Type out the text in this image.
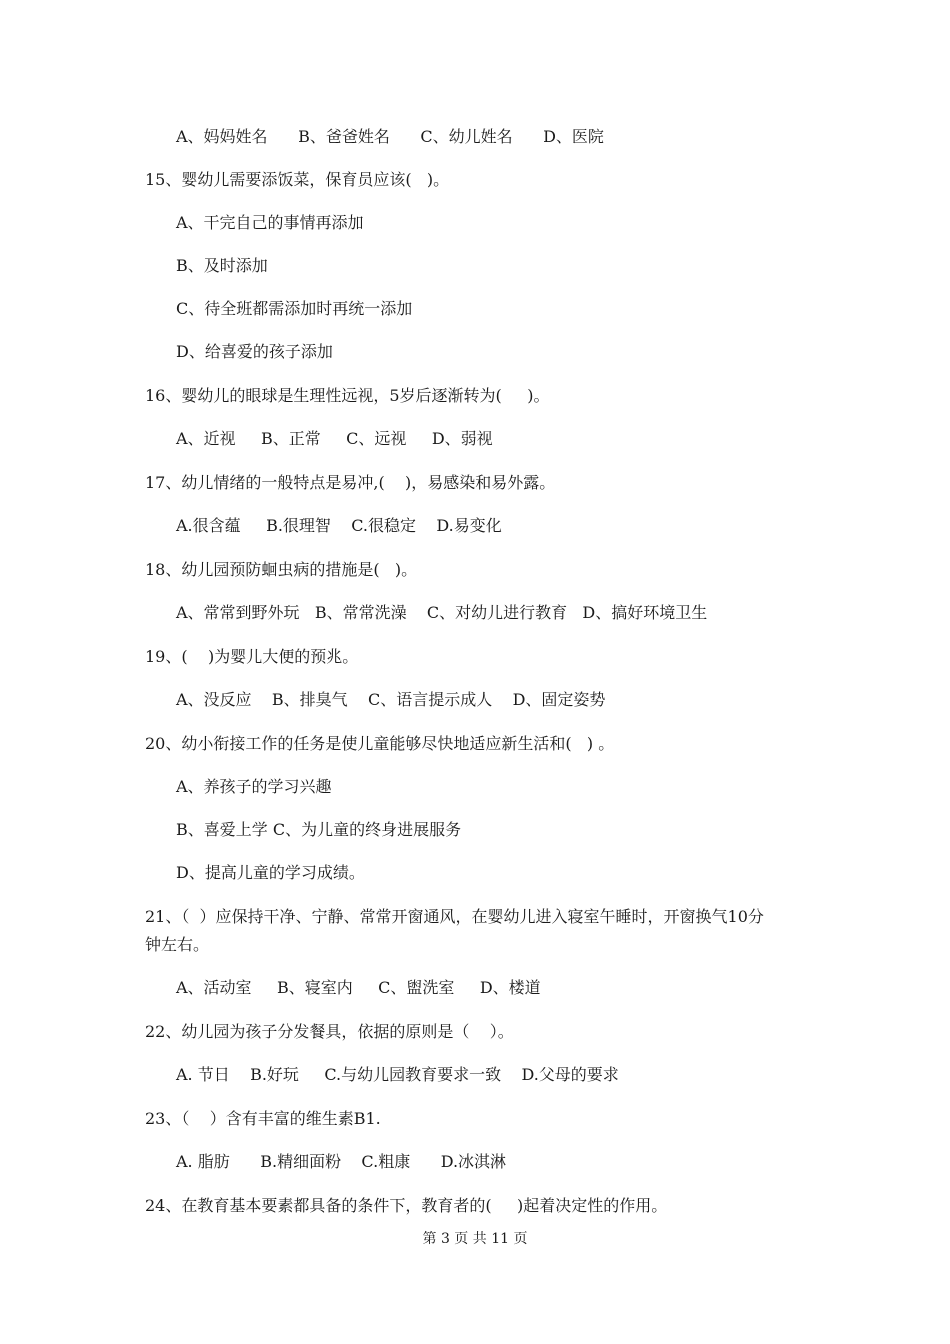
A、妈妈姓名      B、爸爸姓名      C、幼儿姓名      D、医院
15、婴幼儿需要添饭菜，保育员应该(   )。
A、干完自己的事情再添加
B、及时添加
C、待全班都需添加时再统一添加
D、给喜爱的孩子添加
16、婴幼儿的眼球是生理性远视，5岁后逐渐转为(     )。
A、近视     B、正常     C、远视     D、弱视
17、幼儿情绪的一般特点是易冲,(    )，易感染和易外露。
A.很含蕴     B.很理智    C.很稳定    D.易变化
18、幼儿园预防蛔虫病的措施是(   )。
A、常常到野外玩   B、常常洗澡    C、对幼儿进行教育   D、搞好环境卫生
19、(    )为婴儿大便的预兆。
A、没反应    B、排臭气    C、语言提示成人    D、固定姿势
20、幼小衔接工作的任务是使儿童能够尽快地适应新生活和(   ) 。
A、养孩子的学习兴趣
B、喜爱上学 C、为儿童的终身进展服务
D、提高儿童的学习成绩。
21、（  ）应保持干净、宁静、常常开窗通风，在婴幼儿进入寝室午睡时，开窗换气10分
钟左右。
A、活动室     B、寝室内     C、盥洗室     D、楼道
22、幼儿园为孩子分发餐具，依据的原则是（    ）。
A. 节日    B.好玩     C.与幼儿园教育要求一致    D.父母的要求
23、（    ）含有丰富的维生素B1.
A. 脂肪      B.精细面粉    C.粗康      D.冰淇淋
24、在教育基本要素都具备的条件下，教育者的(     )起着决定性的作用。
第 3 页 共 11 页
